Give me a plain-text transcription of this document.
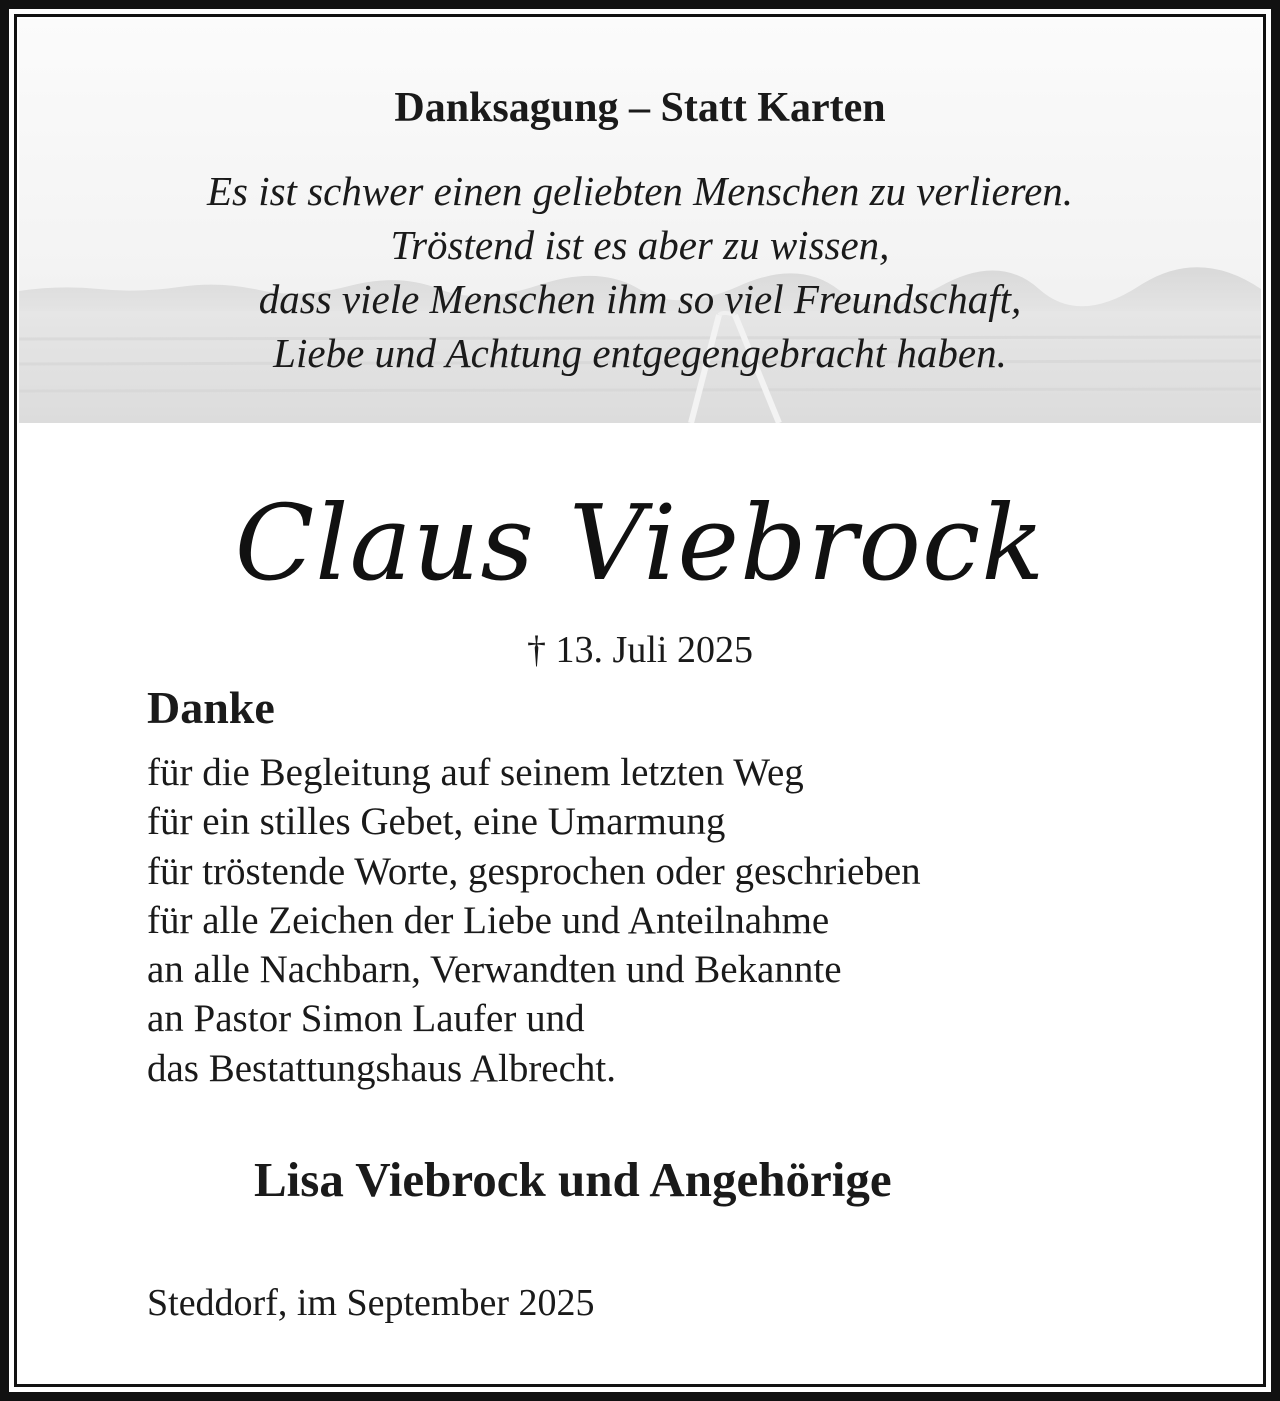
Danksagung – Statt Karten
Es ist schwer einen geliebten Menschen zu verlieren.
Tröstend ist es aber zu wissen,
dass viele Menschen ihm so viel Freundschaft,
Liebe und Achtung entgegengebracht haben.
Claus Viebrock
† 13. Juli 2025
Danke
für die Begleitung auf seinem letzten Weg
für ein stilles Gebet, eine Umarmung
für tröstende Worte, gesprochen oder geschrieben
für alle Zeichen der Liebe und Anteilnahme
an alle Nachbarn, Verwandten und Bekannte
an Pastor Simon Laufer und
das Bestattungshaus Albrecht.
Lisa Viebrock und Angehörige
Steddorf, im September 2025
